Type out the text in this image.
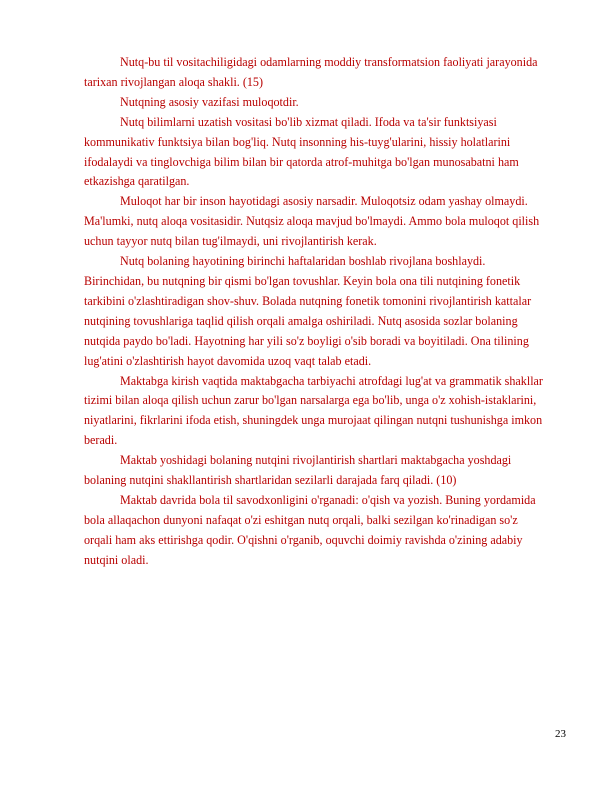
Nutq-bu til vositachiligidagi odamlarning moddiy transformatsion faoliyati jarayonida tarixan rivojlangan aloqa shakli. (15)

Nutqning asosiy vazifasi muloqotdir.

Nutq bilimlarni uzatish vositasi bo'lib xizmat qiladi. Ifoda va ta'sir funktsiyasi kommunikativ funktsiya bilan bog'liq. Nutq insonning his-tuyg'ularini, hissiy holatlarini ifodalaydi va tinglovchiga bilim bilan bir qatorda atrof-muhitga bo'lgan munosabatni ham etkazishga qaratilgan.

Muloqot har bir inson hayotidagi asosiy narsadir. Muloqotsiz odam yashay olmaydi. Ma'lumki, nutq aloqa vositasidir. Nutqsiz aloqa mavjud bo'lmaydi. Ammo bola muloqot qilish uchun tayyor nutq bilan tug'ilmaydi, uni rivojlantirish kerak.

Nutq bolaning hayotining birinchi haftalaridan boshlab rivojlana boshlaydi. Birinchidan, bu nutqning bir qismi bo'lgan tovushlar. Keyin bola ona tili nutqining fonetik tarkibini o'zlashtiradigan shov-shuv. Bolada nutqning fonetik tomonini rivojlantirish kattalar nutqining tovushlariga taqlid qilish orqali amalga oshiriladi. Nutq asosida sozlar bolaning nutqida paydo bo'ladi. Hayotning har yili so'z boyligi o'sib boradi va boyitiladi. Ona tilining lug'atini o'zlashtirish hayot davomida uzoq vaqt talab etadi.

Maktabga kirish vaqtida maktabgacha tarbiyachi atrofdagi lug'at va grammatik shakllar tizimi bilan aloqa qilish uchun zarur bo'lgan narsalarga ega bo'lib, unga o'z xohish-istaklarini, niyatlarini, fikrlarini ifoda etish, shuningdek unga murojaat qilingan nutqni tushunishga imkon beradi.

Maktab yoshidagi bolaning nutqini rivojlantirish shartlari maktabgacha yoshdagi bolaning nutqini shakllantirish shartlaridan sezilarli darajada farq qiladi. (10)

Maktab davrida bola til savodxonligini o'rganadi: o'qish va yozish. Buning yordamida bola allaqachon dunyoni nafaqat o'zi eshitgan nutq orqali, balki sezilgan ko'rinadigan so'z orqali ham aks ettirishga qodir. O'qishni o'rganib, oquvchi doimiy ravishda o'zining adabiy nutqini oladi.

23
